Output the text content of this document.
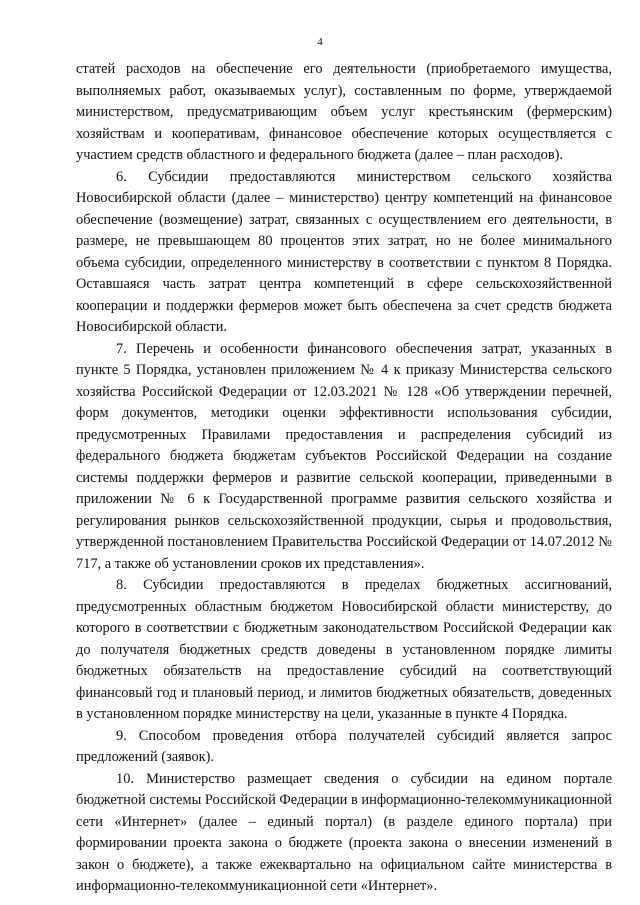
4

статей расходов на обеспечение его деятельности (приобретаемого имущества, выполняемых работ, оказываемых услуг), составленным по форме, утверждаемой министерством, предусматривающим объем услуг крестьянским (фермерским) хозяйствам и кооперативам, финансовое обеспечение которых осуществляется с участием средств областного и федерального бюджета (далее – план расходов).

6. Субсидии предоставляются министерством сельского хозяйства Новосибирской области (далее – министерство) центру компетенций на финансовое обеспечение (возмещение) затрат, связанных с осуществлением его деятельности, в размере, не превышающем 80 процентов этих затрат, но не более минимального объема субсидии, определенного министерству в соответствии с пунктом 8 Порядка. Оставшаяся часть затрат центра компетенций в сфере сельскохозяйственной кооперации и поддержки фермеров может быть обеспечена за счет средств бюджета Новосибирской области.

7. Перечень и особенности финансового обеспечения затрат, указанных в пункте 5 Порядка, установлен приложением № 4 к приказу Министерства сельского хозяйства Российской Федерации от 12.03.2021 № 128 «Об утверждении перечней, форм документов, методики оценки эффективности использования субсидии, предусмотренных Правилами предоставления и распределения субсидий из федерального бюджета бюджетам субъектов Российской Федерации на создание системы поддержки фермеров и развитие сельской кооперации, приведенными в приложении № 6 к Государственной программе развития сельского хозяйства и регулирования рынков сельскохозяйственной продукции, сырья и продовольствия, утвержденной постановлением Правительства Российской Федерации от 14.07.2012 № 717, а также об установлении сроков их представления».

8. Субсидии предоставляются в пределах бюджетных ассигнований, предусмотренных областным бюджетом Новосибирской области министерству, до которого в соответствии с бюджетным законодательством Российской Федерации как до получателя бюджетных средств доведены в установленном порядке лимиты бюджетных обязательств на предоставление субсидий на соответствующий финансовый год и плановый период, и лимитов бюджетных обязательств, доведенных в установленном порядке министерству на цели, указанные в пункте 4 Порядка.

9. Способом проведения отбора получателей субсидий является запрос предложений (заявок).

10. Министерство размещает сведения о субсидии на едином портале бюджетной системы Российской Федерации в информационно-телекоммуникационной сети «Интернет» (далее – единый портал) (в разделе единого портала) при формировании проекта закона о бюджете (проекта закона о внесении изменений в закон о бюджете), а также ежеквартально на официальном сайте министерства в информационно-телекоммуникационной сети «Интернет».
